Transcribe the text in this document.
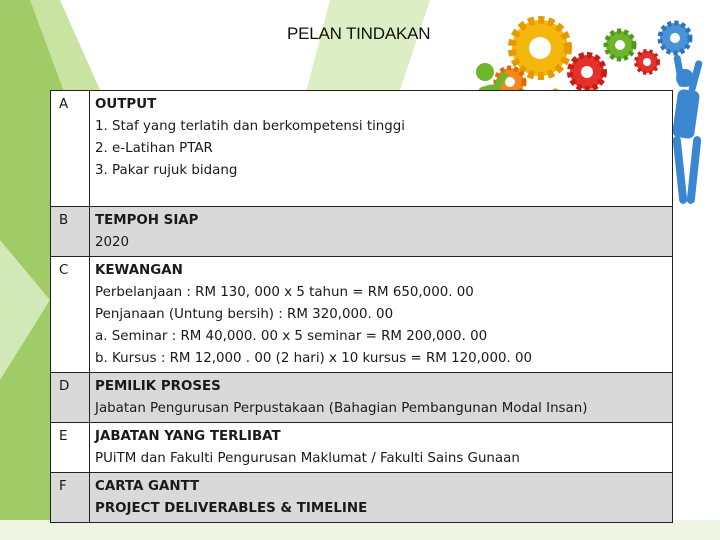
PELAN TINDAKAN
A	OUTPUT
1. Staf yang terlatih dan berkompetensi tinggi
2. e-Latihan PTAR
3. Pakar rujuk bidang

B	TEMPOH SIAP
2020

C	KEWANGAN
Perbelanjaan : RM 130, 000 x 5 tahun = RM 650,000. 00
Penjanaan (Untung bersih) : RM 320,000. 00
a. Seminar : RM 40,000. 00 x 5 seminar = RM 200,000. 00
b. Kursus : RM 12,000 . 00 (2 hari) x 10 kursus = RM 120,000. 00

D	PEMILIK PROSES
Jabatan Pengurusan Perpustakaan (Bahagian Pembangunan Modal Insan)

E	JABATAN YANG TERLIBAT
PUiTM dan Fakulti Pengurusan Maklumat / Fakulti Sains Gunaan

F	CARTA GANTT
PROJECT DELIVERABLES & TIMELINE
